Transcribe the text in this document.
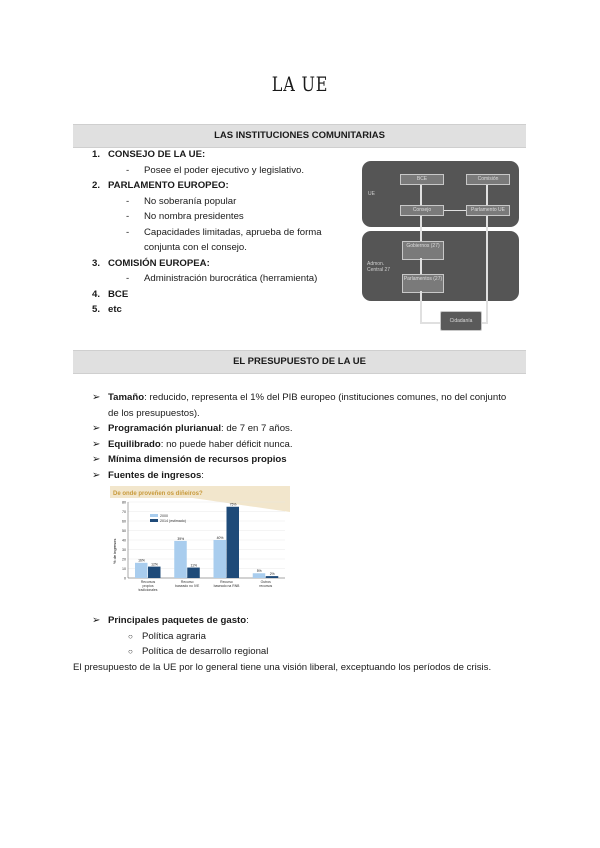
LA UE
LAS INSTITUCIONES COMUNITARIAS
1. CONSEJO DE LA UE:
- Posee el poder ejecutivo y legislativo.
2. PARLAMENTO EUROPEO:
- No soberanía popular
- No nombra presidentes
- Capacidades limitadas, aprueba de forma
conjunta con el consejo.
3. COMISIÓN EUROPEA:
- Administración burocrática (herramienta)
4. BCE
5. etc
UE
Admon. Central 27
BCE	Comisión
Consejo	Parlamento UE
Gobiernos (27)
Parlamentos (27)
Cidadanía
EL PRESUPUESTO DE LA UE
➢ Tamaño: reducido, representa el 1% del PIB europeo (instituciones comunes, no del conjunto
de los presupuestos).
➢ Programación plurianual: de 7 en 7 años.
➢ Equilibrado: no puede haber déficit nunca.
➢ Mínima dimensión de recursos propios
➢ Fuentes de ingresos:
De onde proveñen os diñeiros?
% de ingresos
0
10
20
30
40
50
60
70
80
2000
2014 (estimado)
16%
12%
Recursos
propios
tradicionales
39%
11%
Recurso
baseado no IVE
40%
75%
Recurso
baseado na RNB
5%
2%
Outros
recursos
➢ Principales paquetes de gasto:
○ Política agraria
○ Política de desarrollo regional
El presupuesto de la UE por lo general tiene una visión liberal, exceptuando los períodos de crisis.
